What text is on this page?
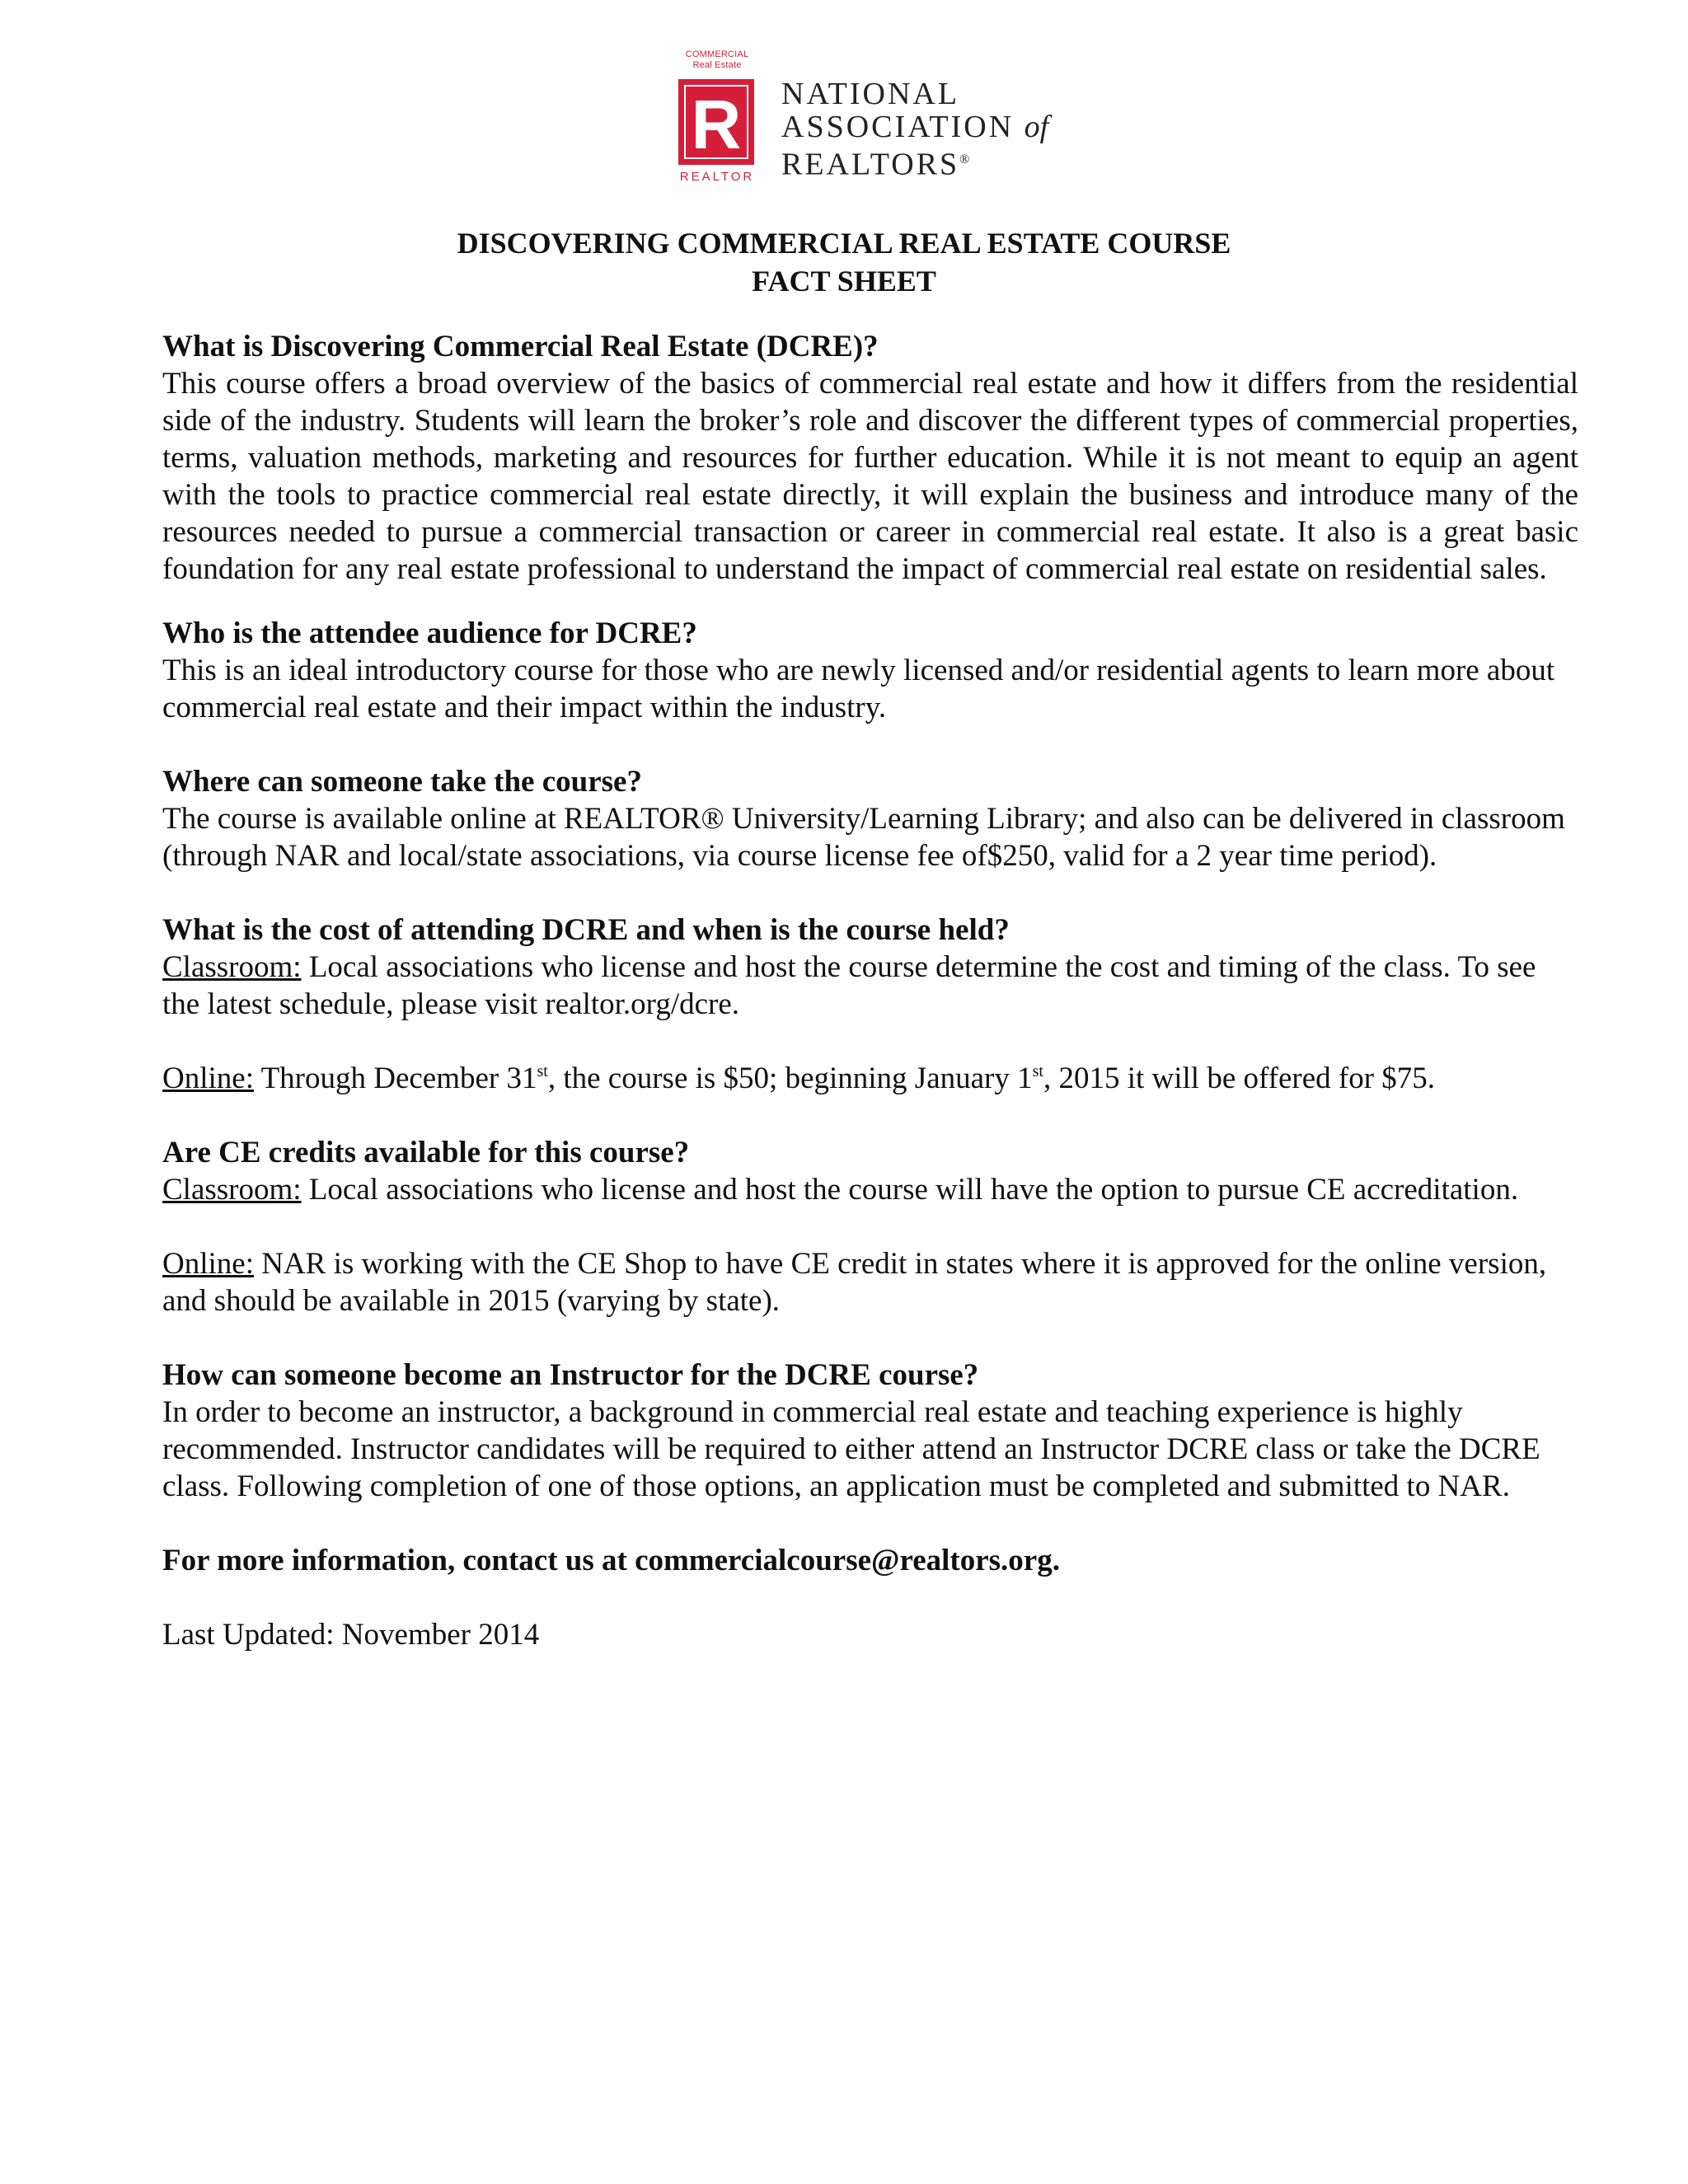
COMMERCIAL
Real Estate
R
REALTOR
NATIONAL
ASSOCIATION of
REALTORS®
DISCOVERING COMMERCIAL REAL ESTATE COURSE
FACT SHEET

What is Discovering Commercial Real Estate (DCRE)?

This course offers a broad overview of the basics of commercial real estate and how it differs from the residential side of the industry. Students will learn the broker’s role and discover the different types of commercial properties, terms, valuation methods, marketing and resources for further education. While it is not meant to equip an agent with the tools to practice commercial real estate directly, it will explain the business and introduce many of the resources needed to pursue a commercial transaction or career in commercial real estate. It also is a great basic foundation for any real estate professional to understand the impact of commercial real estate on residential sales.

Who is the attendee audience for DCRE?

This is an ideal introductory course for those who are newly licensed and/or residential agents to learn more about commercial real estate and their impact within the industry.

Where can someone take the course?

The course is available online at REALTOR® University/Learning Library; and also can be delivered in classroom (through NAR and local/state associations, via course license fee of$250, valid for a 2 year time period).

What is the cost of attending DCRE and when is the course held?

Classroom: Local associations who license and host the course determine the cost and timing of the class. To see the latest schedule, please visit realtor.org/dcre.

Online: Through December 31st, the course is $50; beginning January 1st, 2015 it will be offered for $75.

Are CE credits available for this course?

Classroom: Local associations who license and host the course will have the option to pursue CE accreditation.

Online: NAR is working with the CE Shop to have CE credit in states where it is approved for the online version, and should be available in 2015 (varying by state).

How can someone become an Instructor for the DCRE course?

In order to become an instructor, a background in commercial real estate and teaching experience is highly recommended. Instructor candidates will be required to either attend an Instructor DCRE class or take the DCRE class. Following completion of one of those options, an application must be completed and submitted to NAR.

For more information, contact us at commercialcourse@realtors.org.

Last Updated: November 2014
